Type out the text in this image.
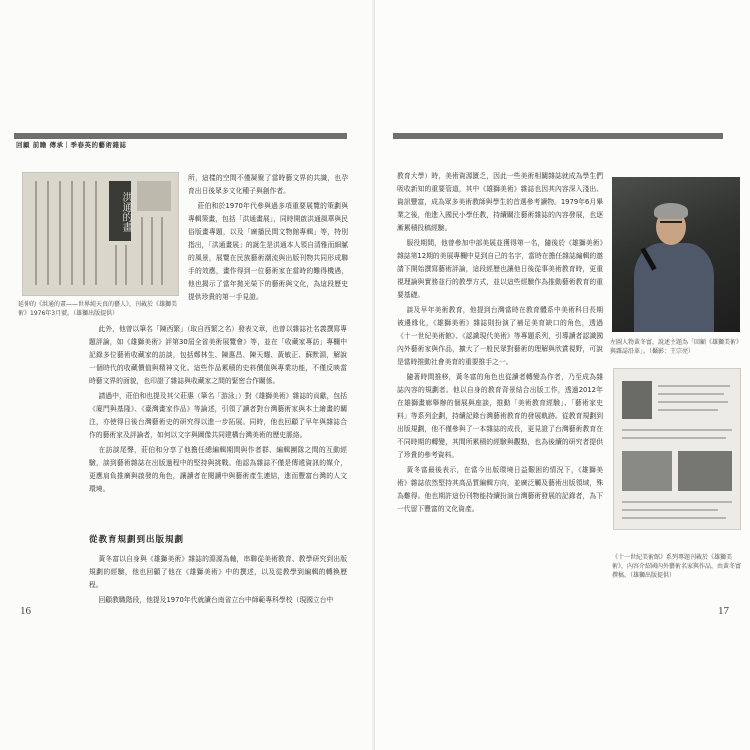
回顧 前瞻 傳承｜季春英的藝術雜誌
洪通的畫
延伸的《洪通的畫——世界純天真的藝人》，刊載於《雄獅美術》1976年3月號。（雄獅出版提供）

所，這樣的空間不僅凝聚了當時藝文界的共識，也孕育出日後眾多文化種子與創作者。

莊伯和於1970年代參與過多項重要展覽的策劃與專輯策畫，包括「洪通畫展」，同時開啟洪通風華與民俗版畫專題，以及「廣播民間文物館專輯」等，特別指出，「洪通畫展」的誕生是洪通本人領自清雅而細膩的風景，展覽在民族藝術潮流與出版刊物共同形成聯手的效應，畫作得到一位藝術家在當時的難得機遇，他也揭示了當年拋光榮下的藝術與文化，為這段歷史提供珍貴的第一手見證。

此外，他曾以筆名「陳西繁」（取自西繁之名）發表文章，也曾以雜誌社名義撰寫專題評論，如《雄獅美術》評第30屆全省美術展覽會》等，並在「收藏家專訪」專欄中記錄多位藝術收藏家的訪談，包括鄭林生、陳惠昌、陳天耀、黃敏正、蘇默淵，解說一個時代的收藏價值與精神文化。這些作品累積的史料價值與專業功能，不僅反映當時藝文界的面貌，也印證了雜誌與收藏家之間的緊密合作關係。

請過中，莊伯和也提及其父莊惠（筆名「游泳」）對《雄獅美術》雜誌的貢獻，包括《廈門與基隆》、《臺灣畫家作品》等論述，引領了讀者對台灣藝術家與本土繪畫的關注，亦使得日後台灣藝術史的研究得以進一步拓展。同時，他也回顧了早年與雜誌合作的藝術家及評論者，如何以文字與圖像共同建構台灣美術的歷史脈絡。

在訪談尾聲，莊伯和分享了他擔任總編輯期間與作者群、編輯團隊之間的互動經驗，談到藝術雜誌在出版過程中的堅持與挑戰。他認為雜誌不僅是傳遞資訊的媒介，更應肩負推廣與啟發的角色，讓讀者在閱讀中與藝術產生連結，進而豐富台灣的人文環境。

從教育規劃到出版規劃

黃冬富以自身與《雄獅美術》雜誌的淵源為軸，串聯從美術教育、教學研究到出版規劃的經驗，他也回顧了他在《雄獅美術》中的撰述，以及從教學到編輯的轉換歷程。

回顧教職階段，他提及1970年代就讀台南省立台中師範專科學校（現國立台中

16

教育大學）時，美術資源匱乏，因此一些美術相關雜誌就成為學生們吸收新知的重要管道，其中《雄獅美術》雜誌也因其內容深入淺出、資訊豐富，成為眾多美術教師與學生的首選參考讀物。1979年6月畢業之後，他進入國民小學任教，持續關注藝術雜誌的內容發展，也逐漸累積投稿經驗。

服役期間，他曾參加中部美展並獲得第一名，隨後於《雄獅美術》雜誌第12期的美展專欄中見到自己的名字，當時在擔任雜誌編輯的邀請下開始撰寫藝術評論，這段經歷也讓他日後從事美術教育時，更重視理論與實務並行的教學方式，並以這些經驗作為推動藝術教育的重要基礎。

談及早年美術教育，他提到台灣當時在教育體系中美術科目長期被邊緣化，《雄獅美術》雜誌則扮演了補足美育缺口的角色，透過《十一世紀美術館》、《認識現代美術》等專題系列，引導讀者認識國內外藝術家與作品，擴大了一般民眾對藝術的理解與欣賞視野，可說是當時推動社會美育的重要推手之一。

隨著時間推移，黃冬富的角色也從讀者轉變為作者，乃至成為雜誌內容的規劃者。他以自身的教育背景結合出版工作，透過2012年在雄獅畫廊舉辦的個展與座談，推動「美術教育經驗」、「藝術家史料」等系列企劃，持續記錄台灣藝術教育的發展軌跡。從教育規劃到出版規劃，他不僅參與了一本雜誌的成長，更見證了台灣藝術教育在不同時期的轉變，其間所累積的經驗與觀點，也為後續的研究者提供了珍貴的參考資料。

黃冬富最後表示，在當今出版環境日益艱困的情況下，《雄獅美術》雜誌依然堅持其高品質編輯方向，並廣泛觸及藝術出版領域，殊為難得。他也期許這份刊物能持續扮演台灣藝術發展的記錄者，為下一代留下豐富的文化資產。

左圖人物黃冬富，說述主題為「回顧《雄獅美術》與雜誌沿革」。（攝影：王宗亮）
《十一世紀美術館》系列專題刊載於《雄獅美術》，內容介紹國內外藝術名家與作品，由黃冬富撰稿。（雄獅出版提供）
17
